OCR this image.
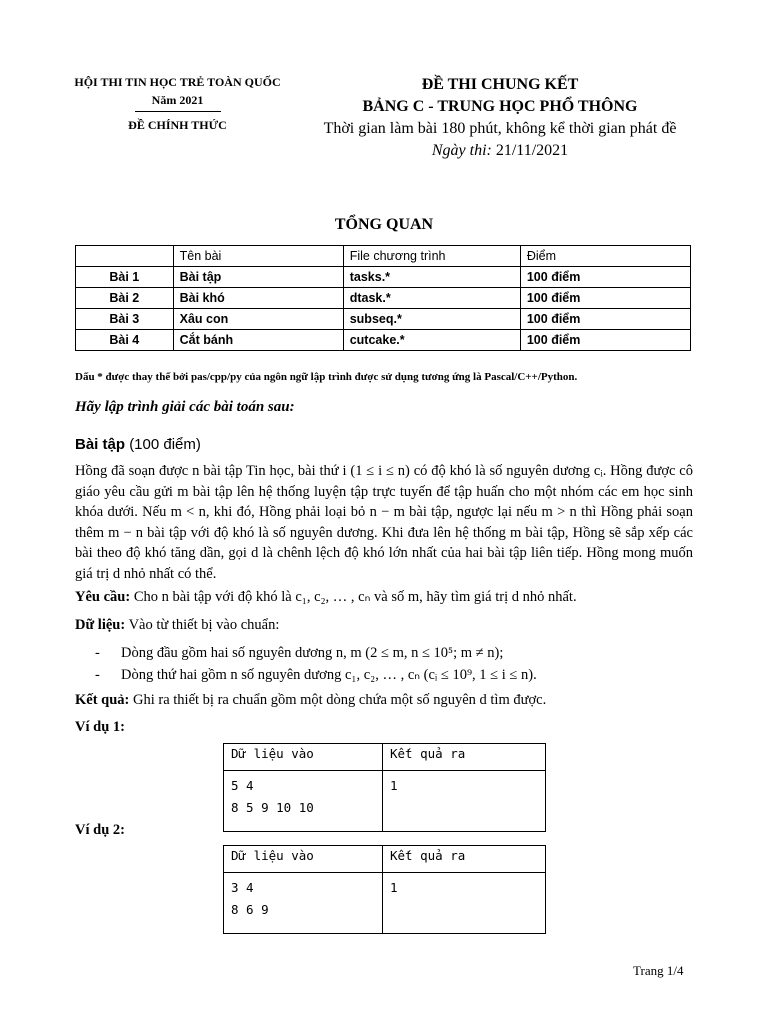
HỘI THI TIN HỌC TRẺ TOÀN QUỐC
Năm 2021
ĐỀ CHÍNH THỨC
ĐỀ THI CHUNG KẾT
BẢNG C - TRUNG HỌC PHỔ THÔNG
Thời gian làm bài 180 phút, không kể thời gian phát đề
Ngày thi: 21/11/2021
TỔNG QUAN
	Tên bài	File chương trình	Điểm
Bài 1	Bài tập	tasks.*	100 điểm
Bài 2	Bài khó	dtask.*	100 điểm
Bài 3	Xâu con	subseq.*	100 điểm
Bài 4	Cắt bánh	cutcake.*	100 điểm
Dấu * được thay thế bởi pas/cpp/py của ngôn ngữ lập trình được sử dụng tương ứng là Pascal/C++/Python.
Hãy lập trình giải các bài toán sau:
Bài tập (100 điểm)

Hồng đã soạn được n bài tập Tin học, bài thứ i (1 ≤ i ≤ n) có độ khó là số nguyên dương cᵢ. Hồng được cô giáo yêu cầu gửi m bài tập lên hệ thống luyện tập trực tuyến để tập huấn cho một nhóm các em học sinh khóa dưới. Nếu m < n, khi đó, Hồng phải loại bỏ n − m bài tập, ngược lại nếu m > n thì Hồng phải soạn thêm m − n bài tập với độ khó là số nguyên dương. Khi đưa lên hệ thống m bài tập, Hồng sẽ sắp xếp các bài theo độ khó tăng dần, gọi d là chênh lệch độ khó lớn nhất của hai bài tập liên tiếp. Hồng mong muốn giá trị d nhỏ nhất có thể.

Yêu cầu: Cho n bài tập với độ khó là c₁, c₂, … , cₙ và số m, hãy tìm giá trị d nhỏ nhất.
Dữ liệu: Vào từ thiết bị vào chuẩn:
- Dòng đầu gồm hai số nguyên dương n, m (2 ≤ m, n ≤ 10⁵; m ≠ n);
- Dòng thứ hai gồm n số nguyên dương c₁, c₂, … , cₙ (cᵢ ≤ 10⁹, 1 ≤ i ≤ n).
Kết quả: Ghi ra thiết bị ra chuẩn gồm một dòng chứa một số nguyên d tìm được.
Ví dụ 1:
Dữ liệu vào	Kết quả ra

5 4
8 5 9 10 10	1
Ví dụ 2:
Dữ liệu vào	Kết quả ra

3 4
8 6 9	1
Trang 1/4
